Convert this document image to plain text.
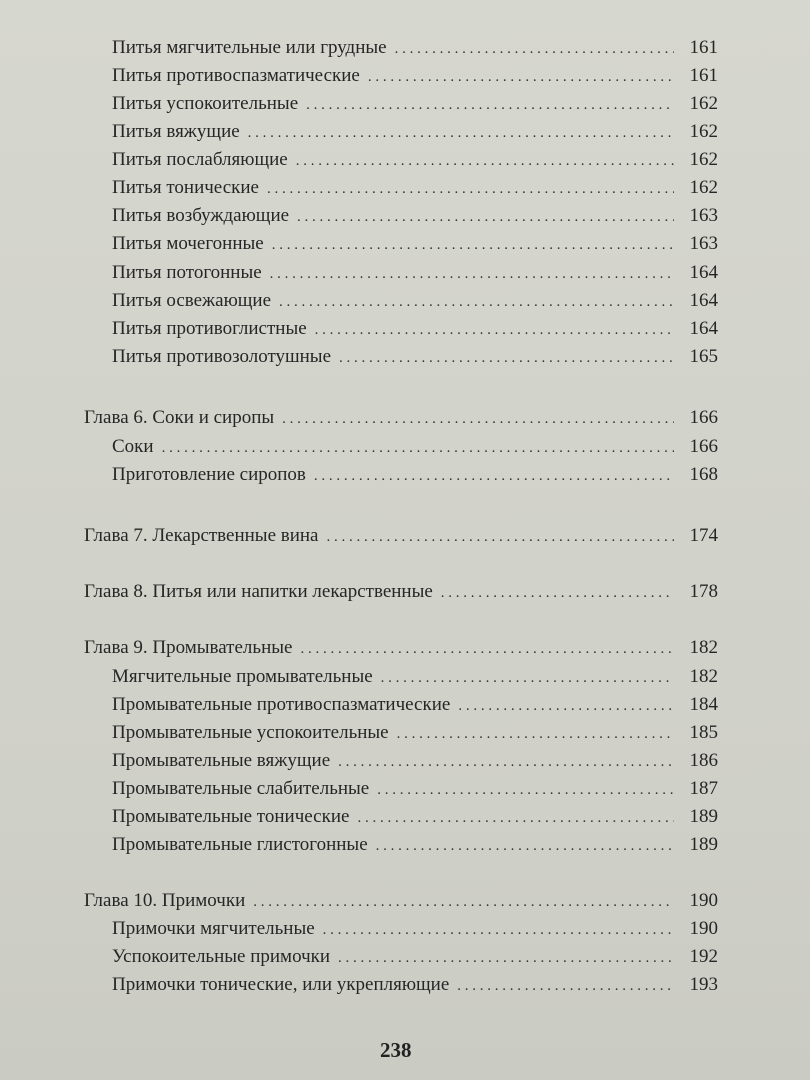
Питья мягчительные или грудные . . .	161
Питья противоспазматические . . .	161
Питья успокоительные . . .	162
Питья вяжущие . . .	162
Питья послабляющие . . .	162
Питья тонические . . .	162
Питья возбуждающие . . .	163
Питья мочегонные . . .	163
Питья потогонные . . .	164
Питья освежающие . . .	164
Питья противоглистные . . .	164
Питья противозолотушные . . .	165
Глава 6. Соки и сиропы . . .	166
Соки . . .	166
Приготовление сиропов . . .	168
Глава 7. Лекарственные вина . . .	174
Глава 8. Питья или напитки лекарственные . . .	178
Глава 9. Промывательные . . .	182
Мягчительные промывательные . . .	182
Промывательные противоспазматические . . .	184
Промывательные успокоительные . . .	185
Промывательные вяжущие . . .	186
Промывательные слабительные . . .	187
Промывательные тонические . . .	189
Промывательные глистогонные . . .	189
Глава 10. Примочки . . .	190
Примочки мягчительные . . .	190
Успокоительные примочки . . .	192
Примочки тонические, или укрепляющие . . .	193
238
